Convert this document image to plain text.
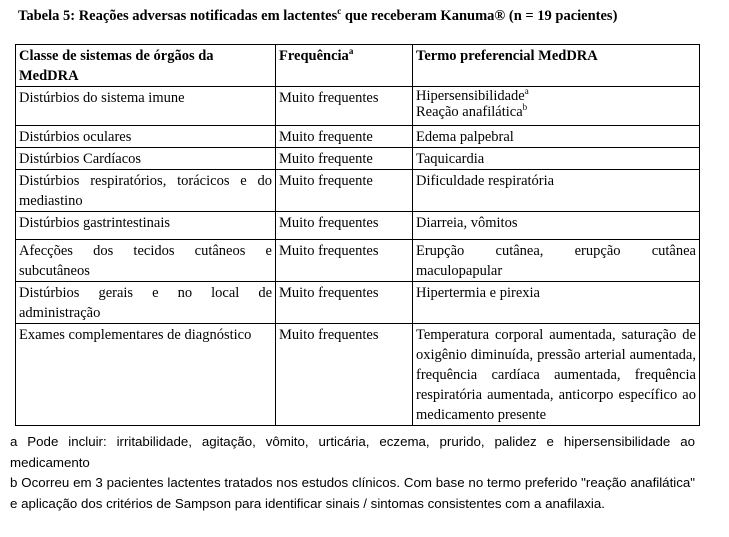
Tabela 5: Reações adversas notificadas em lactentes$^c$ que receberam Kanuma® (n = 19 pacientes)
Classe de sistemas de órgãos da MedDRA	Frequência$^a$	Termo preferencial MedDRA
Distúrbios do sistema imune	Muito frequentes	Hipersensibilidade$^a$
Reação anafilática$^b$

Distúrbios oculares	Muito frequente	Edema palpebral
Distúrbios Cardíacos	Muito frequente	Taquicardia
Distúrbios respiratórios, torácicos e do mediastino	Muito frequente	Dificuldade respiratória
Distúrbios gastrintestinais	Muito frequentes	Diarreia, vômitos
Afecções dos tecidos cutâneos e subcutâneos	Muito frequentes	Erupção cutânea, erupção cutânea maculopapular
Distúrbios gerais e no local de administração	Muito frequentes	Hipertermia e pirexia
Exames complementares de diagnóstico	Muito frequentes	Temperatura corporal aumentada, saturação de oxigênio diminuída, pressão arterial aumentada, frequência cardíaca aumentada, frequência respiratória aumentada, anticorpo específico ao medicamento presente

a Pode incluir: irritabilidade, agitação, vômito, urticária, eczema, prurido, palidez e hipersensibilidade ao medicamento

b Ocorreu em 3 pacientes lactentes tratados nos estudos clínicos. Com base no termo preferido "reação anafilática" e aplicação dos critérios de Sampson para identificar sinais / sintomas consistentes com a anafilaxia.
